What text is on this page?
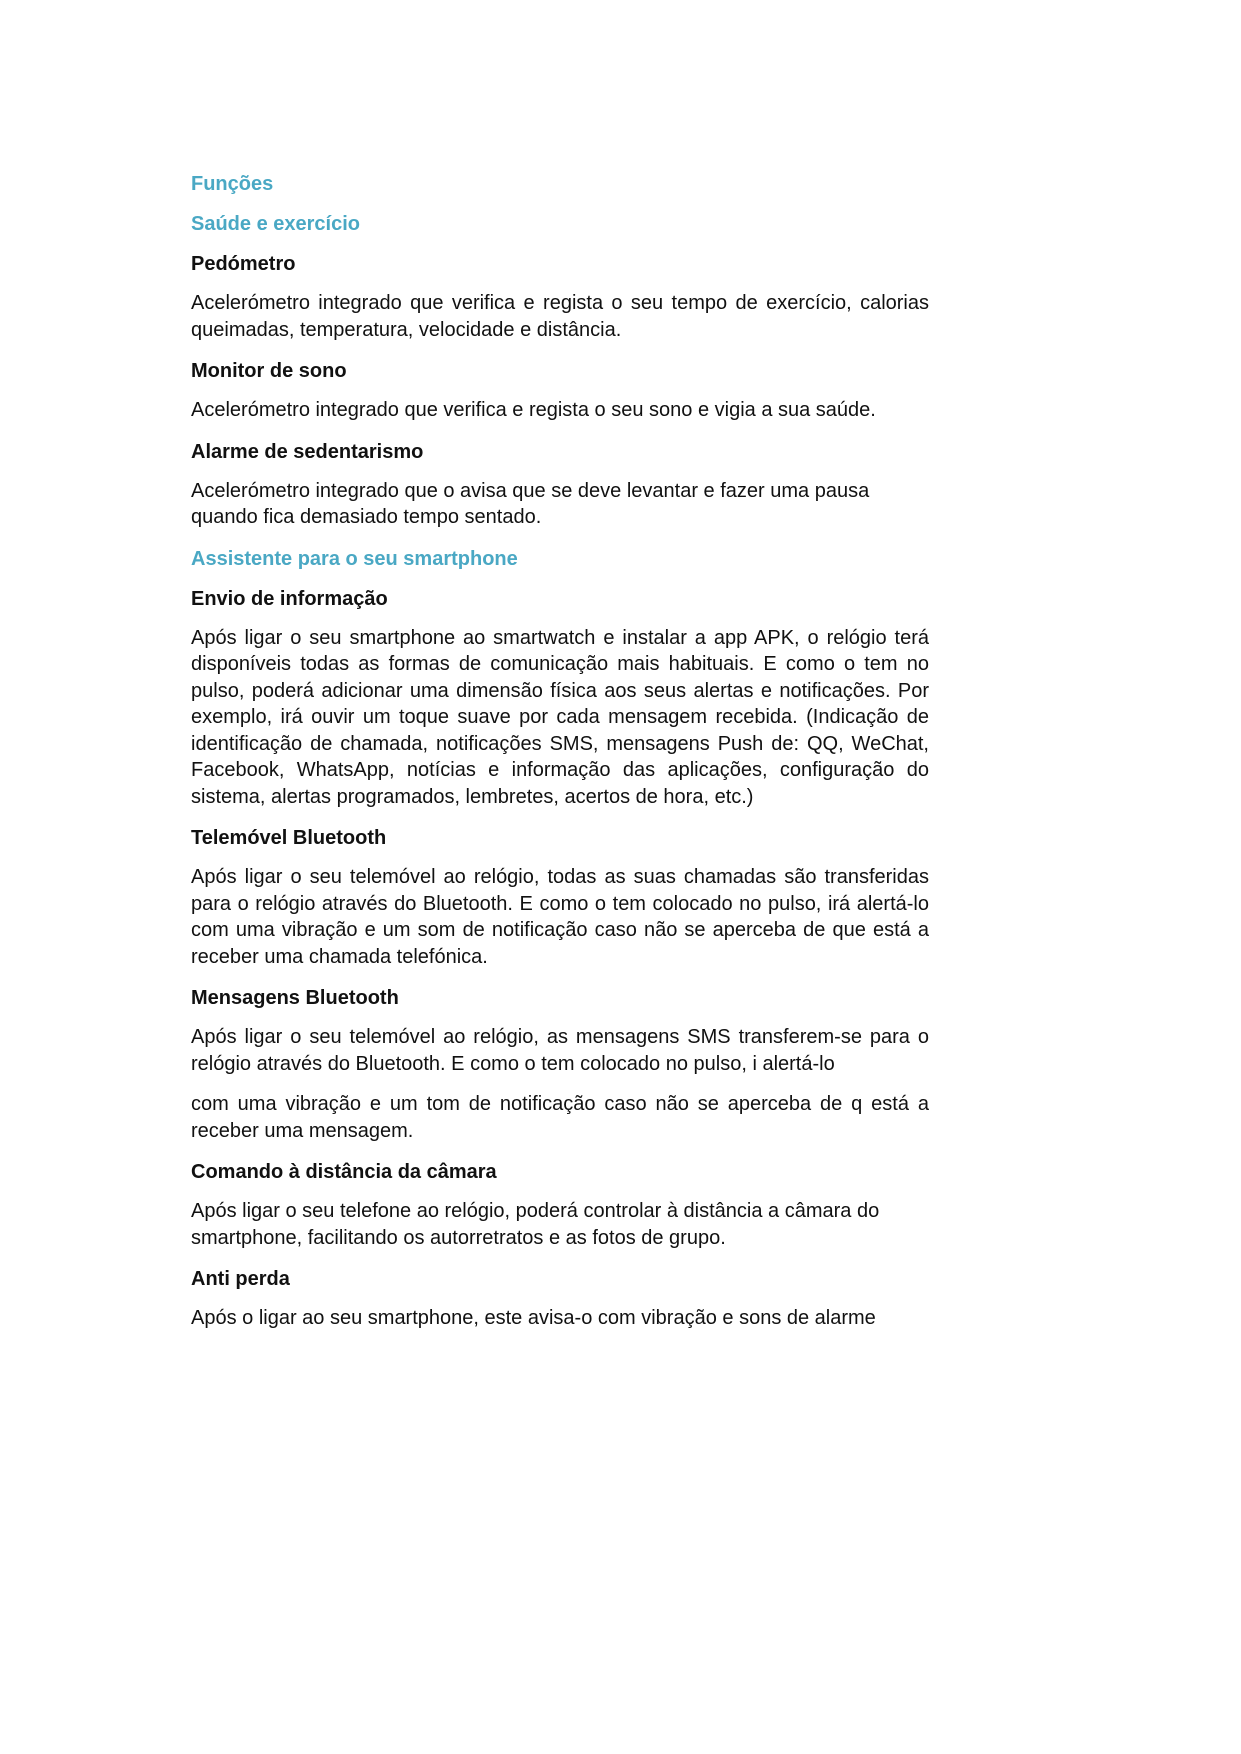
Funções
Saúde e exercício
Pedómetro
Acelerómetro integrado que verifica e regista o seu tempo de exercício, calorias queimadas, temperatura, velocidade e distância.
Monitor de sono
Acelerómetro integrado que verifica e regista o seu sono e vigia a sua saúde.
Alarme de sedentarismo
Acelerómetro integrado que o avisa que se deve levantar e fazer uma pausa quando fica demasiado tempo sentado.
Assistente para o seu smartphone
Envio de informação
Após ligar o seu smartphone ao smartwatch e instalar a app APK, o relógio terá disponíveis todas as formas de comunicação mais habituais. E como o tem no pulso, poderá adicionar uma dimensão física aos seus alertas e notificações. Por exemplo, irá ouvir um toque suave por cada mensagem recebida. (Indicação de identificação de chamada, notificações SMS, mensagens Push de: QQ, WeChat, Facebook, WhatsApp, notícias e informação das aplicações, configuração do sistema, alertas programados, lembretes, acertos de hora, etc.)
Telemóvel Bluetooth
Após ligar o seu telemóvel ao relógio, todas as suas chamadas são transferidas para o relógio através do Bluetooth. E como o tem colocado no pulso, irá alertá-lo com uma vibração e um som de notificação caso não se aperceba de que está a receber uma chamada telefónica.
Mensagens Bluetooth
Após ligar o seu telemóvel ao relógio, as mensagens SMS transferem-se para o relógio através do Bluetooth. E como o tem colocado no pulso, i alertá-lo
com uma vibração e um tom de notificação caso não se aperceba de q está a receber uma mensagem.
Comando à distância da câmara
Após ligar o seu telefone ao relógio, poderá controlar à distância a câmara do smartphone, facilitando os autorretratos e as fotos de grupo.
Anti perda
Após o ligar ao seu smartphone, este avisa-o com vibração e sons de alarme
